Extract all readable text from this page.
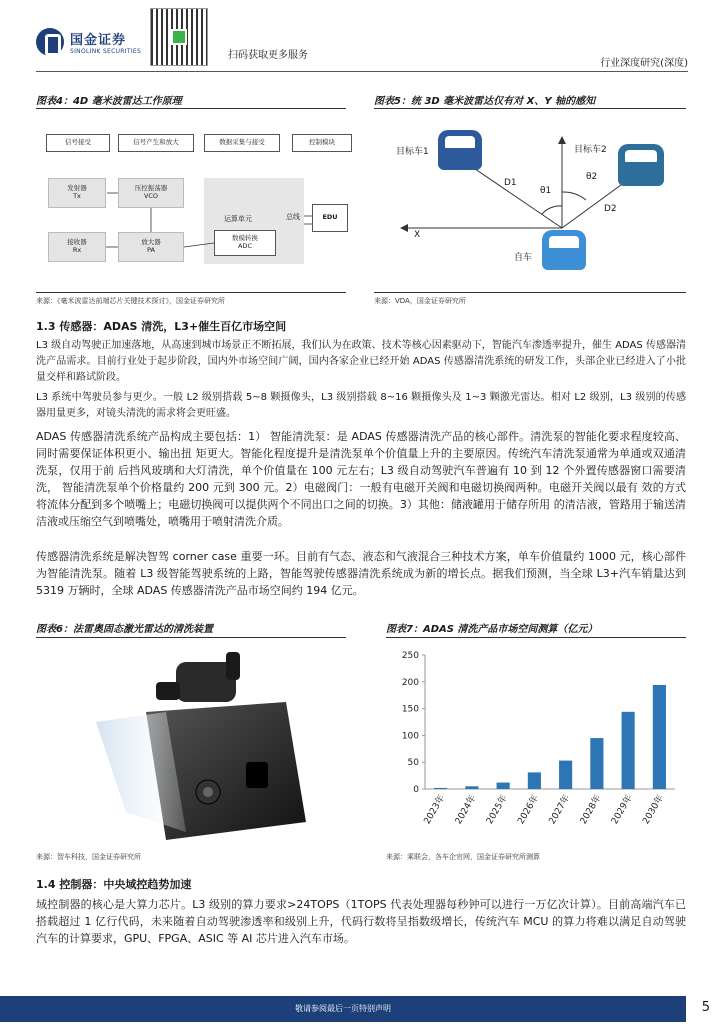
国金证券
SINOLINK SECURITIES	扫码获取更多服务
行业深度研究(深度)
图表4：4D 毫米波雷达工作原理
信号接受	信号产生和放大	数据采集与接受	控制模块
发射器
Tx
压控振荡器
VCO
接收器
Rx
放大器
PA
运算单元
数模转换
ADC
总线	EDU
来源：《毫米波雷达前端芯片关键技术探讨》，国金证券研究所
图表5：统 3D 毫米波雷达仅有对 X、Y 轴的感知
目标车1	目标车2
自车
D1
D2
θ1
θ2
X
来源：VDA，国金证券研究所
1.3 传感器：ADAS 清洗，L3+催生百亿市场空间
L3 级自动驾驶正加速落地，从高速到城市场景正不断拓展，我们认为在政策、技术等核心因素驱动下，智能汽车渗透率提升，催生 ADAS 传感器清洗产品需求。目前行业处于起步阶段，国内外市场空间广阔，国内各家企业已经开始 ADAS 传感器清洗系统的研发工作，头部企业已经进入了小批量交样和路试阶段。
L3 系统中驾驶员参与更少。一般 L2 级别搭载 5~8 颗摄像头，L3 级别搭载 8~16 颗摄像头及 1~3 颗激光雷达。相对 L2 级别，L3 级别的传感器用量更多，对镜头清洗的需求将会更旺盛。
ADAS 传感器清洗系统产品构成主要包括：1） 智能清洗泵：是 ADAS 传感器清洗产品的核心部件。清洗泵的智能化要求程度较高、同时需要保证体积更小、输出扭 矩更大。智能化程度提升是清洗泵单个价值量上升的主要原因。传统汽车清洗泵通常为单通或双通清洗泵，仅用于前 后挡风玻璃和大灯清洗，单个价值量在 100 元左右；L3 级自动驾驶汽车普遍有 10 到 12 个外置传感器窗口需要清洗， 智能清洗泵单个价格量约 200 元到 300 元。2）电磁阀门：一般有电磁开关阀和电磁切换阀两种。电磁开关阀以最有 效的方式将流体分配到多个喷嘴上；电磁切换阀可以提供两个不同出口之间的切换。3）其他：储液罐用于储存所用 的清洁液，管路用于输送清洁液或压缩空气到喷嘴处，喷嘴用于喷射清洗介质。
传感器清洗系统是解决智驾 corner case 重要一环。目前有气态、液态和气液混合三种技术方案，单车价值量约 1000 元，核心部件为智能清洗泵。随着 L3 级智能驾驶系统的上路，智能驾驶传感器清洗系统成为新的增长点。据我们预测，当全球 L3+汽车销量达到 5319 万辆时，全球 ADAS 传感器清洗产品市场空间约 194 亿元。
图表6：法雷奥固态激光雷达的清洗装置
来源：智车科技，国金证券研究所
图表7：ADAS 清洗产品市场空间测算（亿元）
0
50
100
150
200
250
2023年 2024年 2025年 2026年 2027年 2028年 2029年 2030年
来源：乘联会，各车企官网，国金证券研究所测算
1.4 控制器：中央域控趋势加速
域控制器的核心是大算力芯片。L3 级别的算力要求>24TOPS（1TOPS 代表处理器每秒钟可以进行一万亿次计算）。目前高端汽车已搭载超过 1 亿行代码，未来随着自动驾驶渗透率和级别上升，代码行数将呈指数级增长，传统汽车 MCU 的算力将难以满足自动驾驶汽车的计算要求，GPU、FPGA、ASIC 等 AI 芯片进入汽车市场。
敬请参阅最后一页特别声明	5
